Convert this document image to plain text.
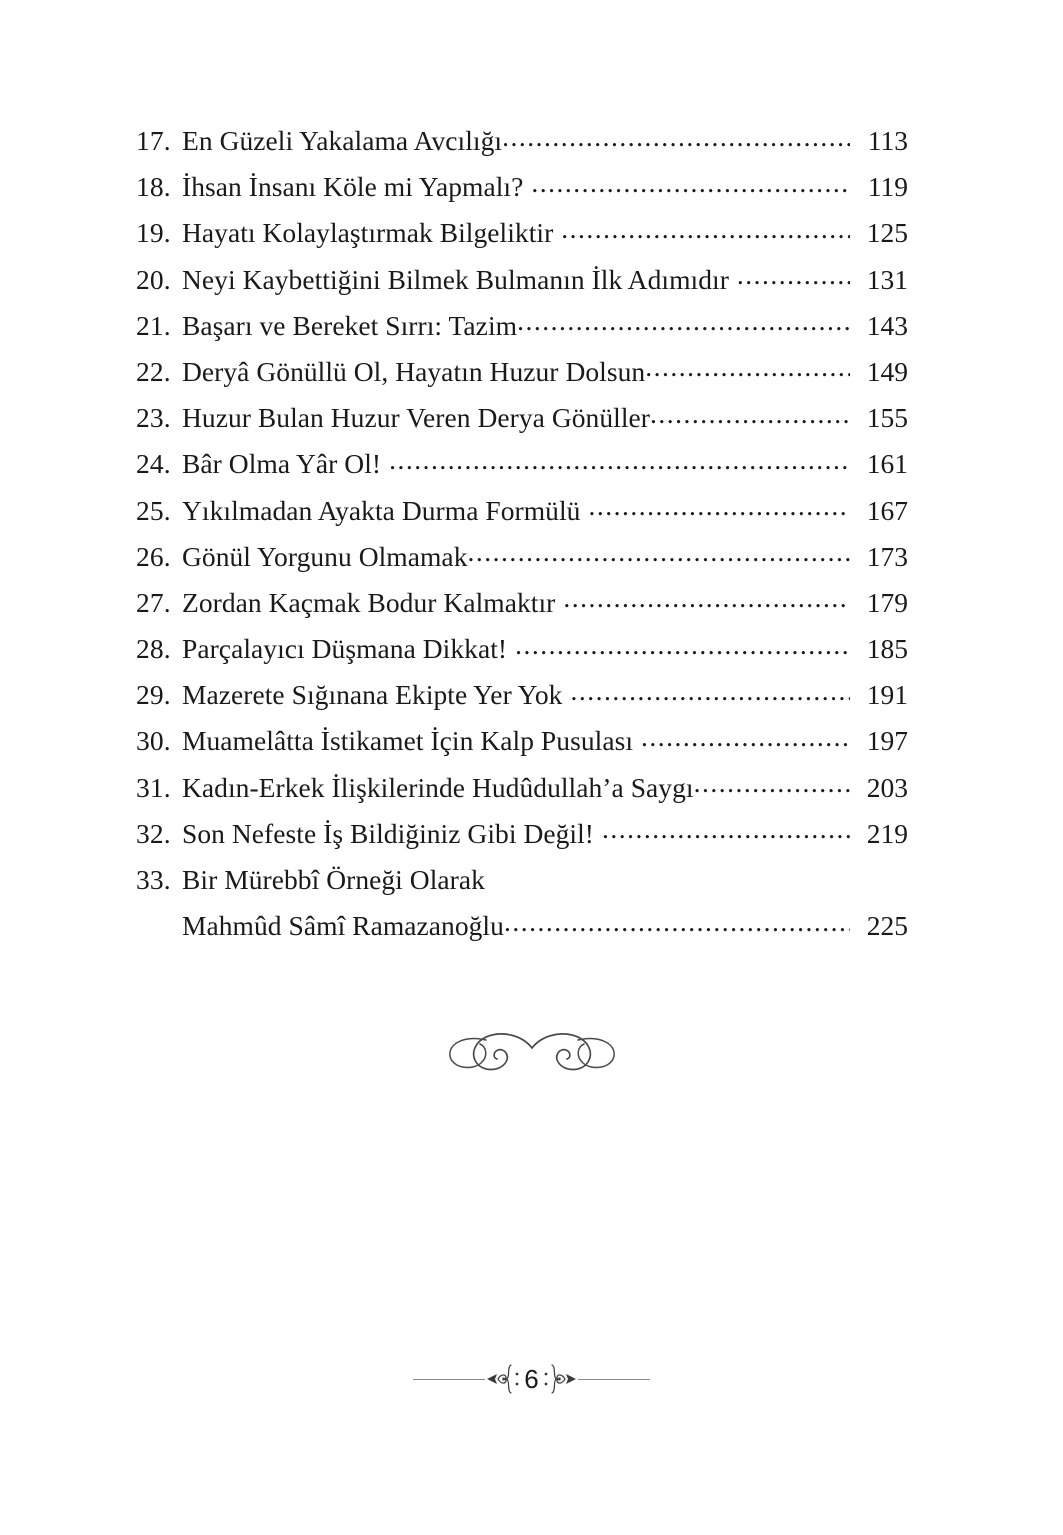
17. En Güzeli Yakalama Avcılığı .....	113
18. İhsan İnsanı Köle mi Yapmalı? .....	119
19. Hayatı Kolaylaştırmak Bilgeliktir .....	125
20. Neyi Kaybettiğini Bilmek Bulmanın İlk Adımıdır .....	131
21. Başarı ve Bereket Sırrı: Tazim .....	143
22. Deryâ Gönüllü Ol, Hayatın Huzur Dolsun .....	149
23. Huzur Bulan Huzur Veren Derya Gönüller .....	155
24. Bâr Olma Yâr Ol! .....	161
25. Yıkılmadan Ayakta Durma Formülü .....	167
26. Gönül Yorgunu Olmamak .....	173
27. Zordan Kaçmak Bodur Kalmaktır .....	179
28. Parçalayıcı Düşmana Dikkat! .....	185
29. Mazerete Sığınana Ekipte Yer Yok .....	191
30. Muamelâtta İstikamet İçin Kalp Pusulası .....	197
31. Kadın-Erkek İlişkilerinde Hudûdullah’a Saygı .....	203
32. Son Nefeste İş Bildiğiniz Gibi Değil! .....	219
33. Bir Mürebbî Örneği Olarak
Mahmûd Sâmî Ramazanoğlu .....	225
6
